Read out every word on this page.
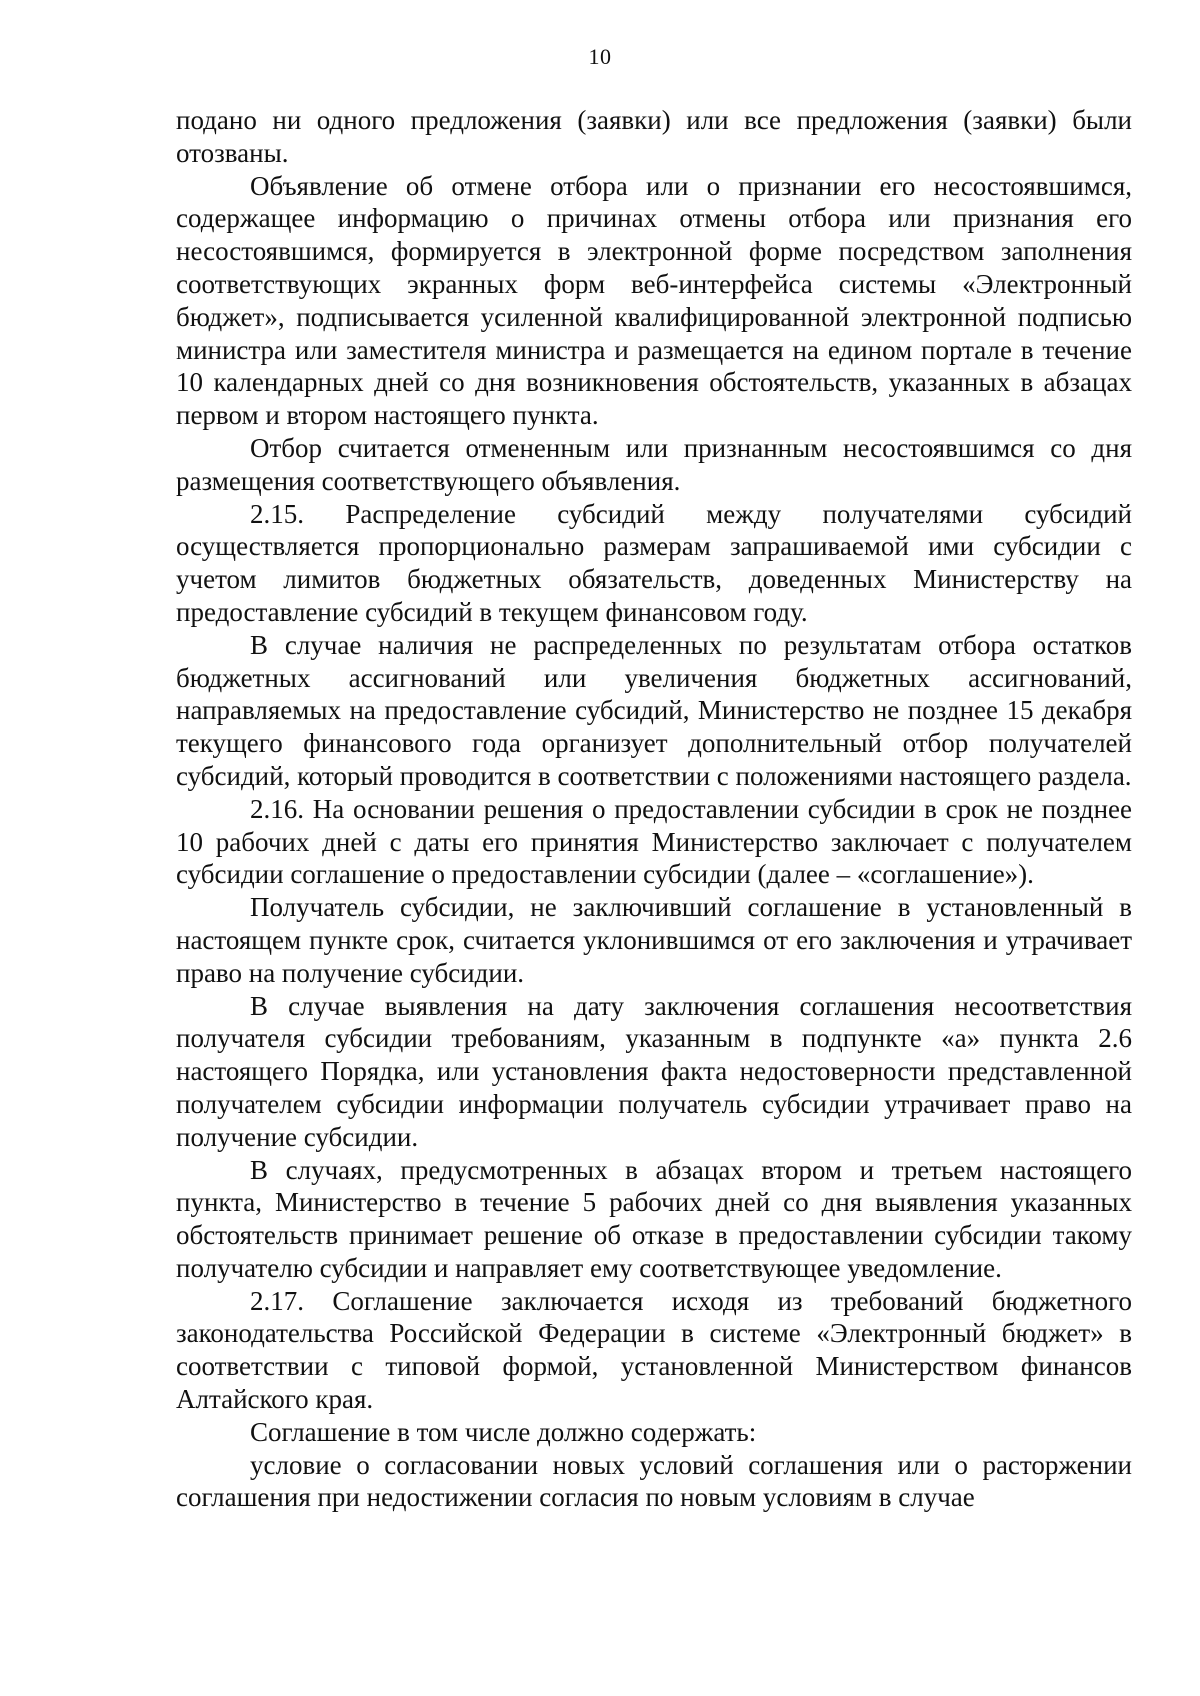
10

подано ни одного предложения (заявки) или все предложения (заявки) были отозваны.

Объявление об отмене отбора или о признании его несостоявшимся, содержащее информацию о причинах отмены отбора или признания его несостоявшимся, формируется в электронной форме посредством заполнения соответствующих экранных форм веб-интерфейса системы «Электронный бюджет», подписывается усиленной квалифицированной электронной подписью министра или заместителя министра и размещается на едином портале в течение 10 календарных дней со дня возникновения обстоятельств, указанных в абзацах первом и втором настоящего пункта.

Отбор считается отмененным или признанным несостоявшимся со дня размещения соответствующего объявления.

2.15. Распределение субсидий между получателями субсидий осуществляется пропорционально размерам запрашиваемой ими субсидии с учетом лимитов бюджетных обязательств, доведенных Министерству на предоставление субсидий в текущем финансовом году.

В случае наличия не распределенных по результатам отбора остатков бюджетных ассигнований или увеличения бюджетных ассигнований, направляемых на предоставление субсидий, Министерство не позднее 15 декабря текущего финансового года организует дополнительный отбор получателей субсидий, который проводится в соответствии с положениями настоящего раздела.

2.16. На основании решения о предоставлении субсидии в срок не позднее 10 рабочих дней с даты его принятия Министерство заключает с получателем субсидии соглашение о предоставлении субсидии (далее – «соглашение»).

Получатель субсидии, не заключивший соглашение в установленный в настоящем пункте срок, считается уклонившимся от его заключения и утрачивает право на получение субсидии.

В случае выявления на дату заключения соглашения несоответствия получателя субсидии требованиям, указанным в подпункте «а» пункта 2.6 настоящего Порядка, или установления факта недостоверности представленной получателем субсидии информации получатель субсидии утрачивает право на получение субсидии.

В случаях, предусмотренных в абзацах втором и третьем настоящего пункта, Министерство в течение 5 рабочих дней со дня выявления указанных обстоятельств принимает решение об отказе в предоставлении субсидии такому получателю субсидии и направляет ему соответствующее уведомление.

2.17. Соглашение заключается исходя из требований бюджетного законодательства Российской Федерации в системе «Электронный бюджет» в соответствии с типовой формой, установленной Министерством финансов Алтайского края.

Соглашение в том числе должно содержать:

условие о согласовании новых условий соглашения или о расторжении соглашения при недостижении согласия по новым условиям в случае
